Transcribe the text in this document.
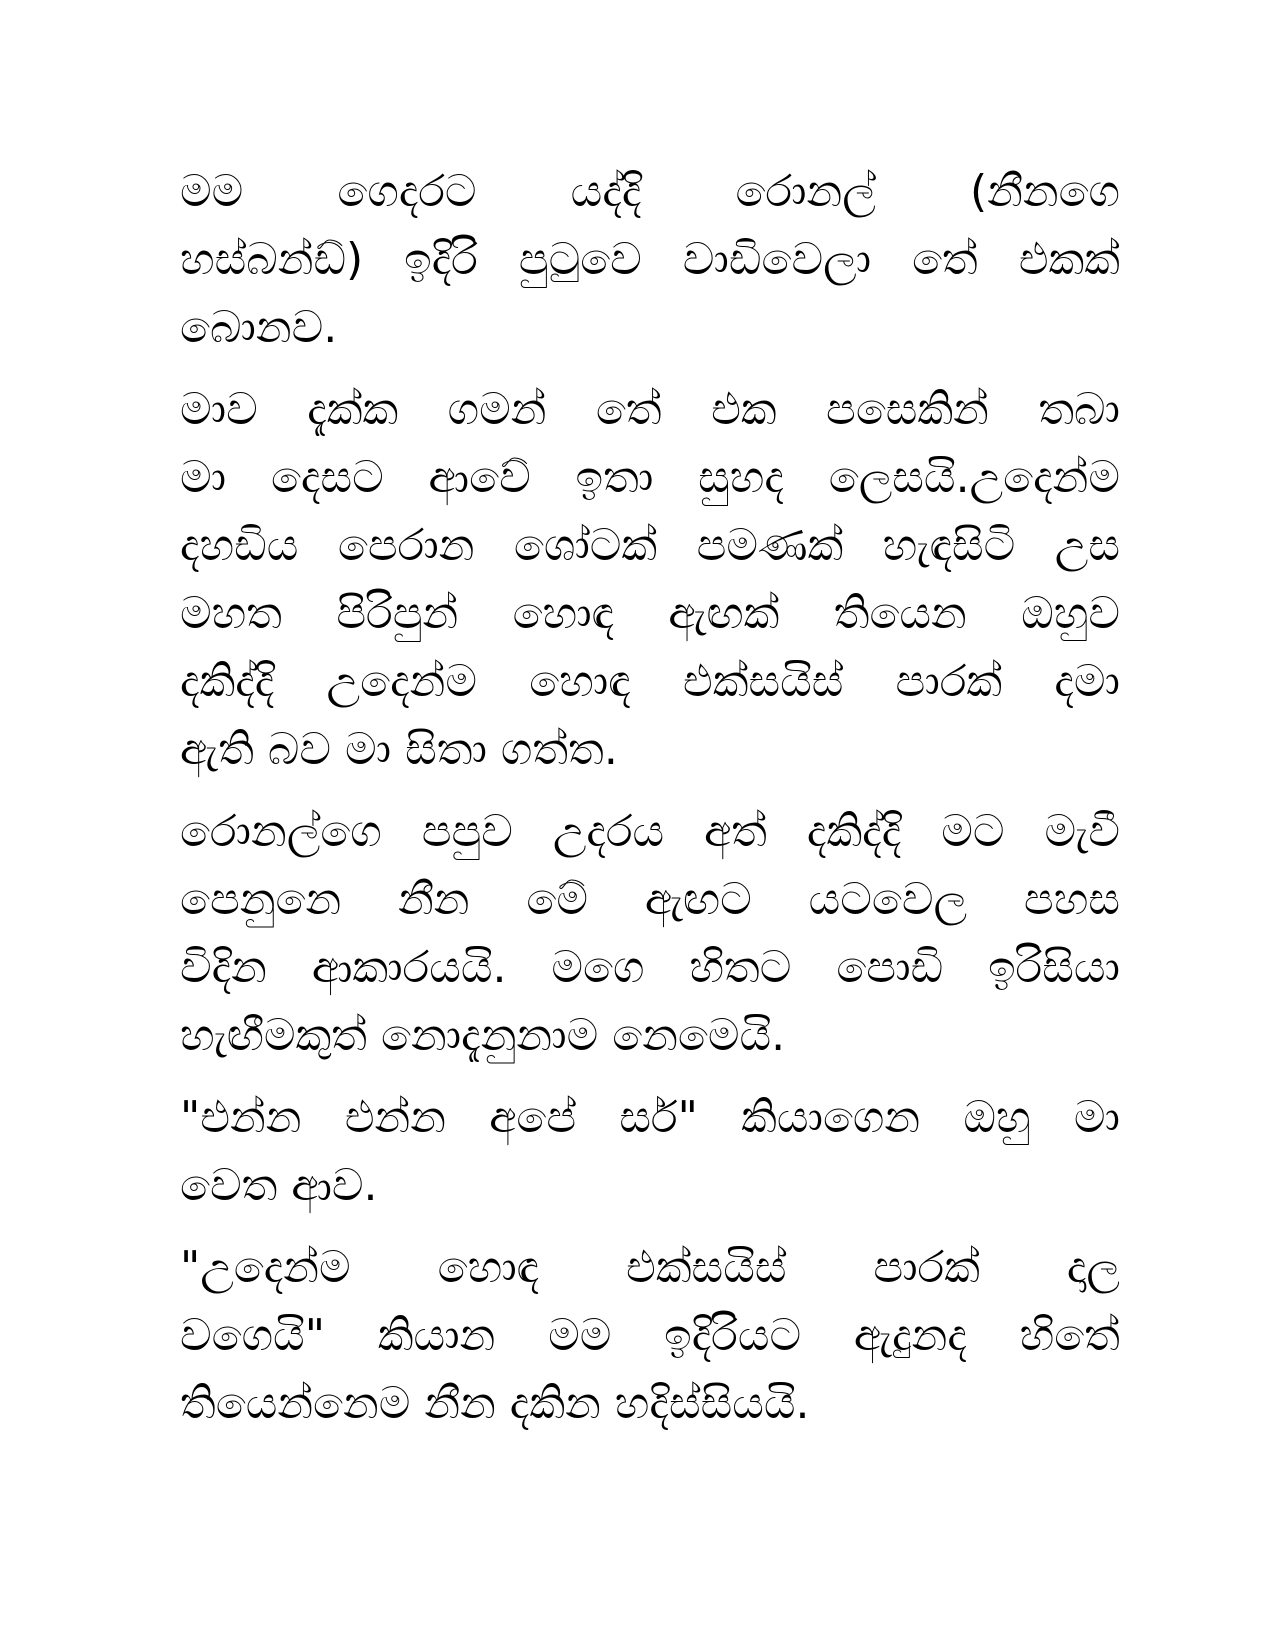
මම ගෙදරට යද්දි රොනල් (නීනගෙ
හස්බන්ඩ්) ඉදිරි පුටුවෙ වාඩිවෙලා තේ එකක්
බොනව.
මාව දැක්ක ගමන් තේ එක පසෙකින් තබා
මා දෙසට ආවේ ඉතා සුහද ලෙසයි.උදෙන්ම
දහඩිය පෙරාන ශෝටක් පමණක් හැඳසිටි උස
මහත පිරිපුන් හොඳ ඇඟක් තියෙන ඔහුව
දකිද්දි උදෙන්ම හොඳ එක්සයිස් පාරක් දමා
ඇති බව මා සිතා ගත්ත.
රොනල්ගෙ පපුව උදරය අත් දකිද්දි මට මැවී
පෙනුනෙ නීන මේ ඇඟට යටවෙල පහස
විදින ආකාරයයි. මගෙ හිතට පොඩි ඉරිසියා
හැඟීමකුත් නොදැනුනාම නෙමෙයි.
"එන්න එන්න අපේ සර්" කියාගෙන ඔහු මා
වෙත ආව.
"උදෙන්ම හොඳ එක්සයිස් පාරක් දාල
වගෙයි" කියාන මම ඉදිරියට ඇදුනද හිතේ
තියෙන්නෙම නීන දකින හදිස්සියයි.
